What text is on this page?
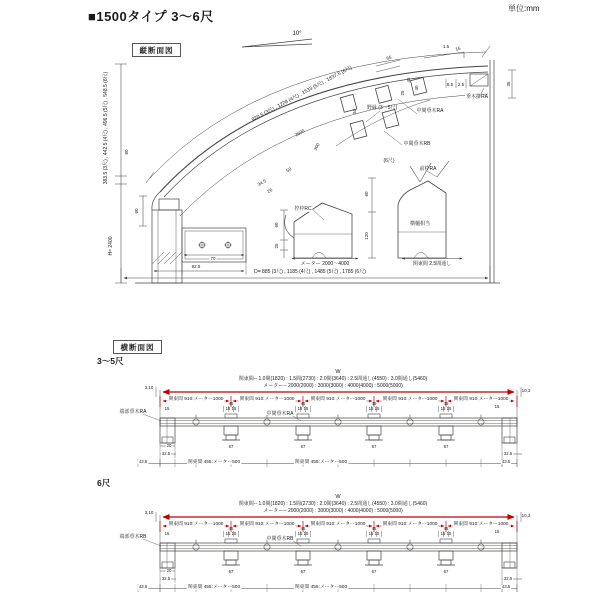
■1500タイプ 3〜6尺
単位:mm
縦断面図
横断面図
3〜5尺
6尺
10°
1.5
383.5 (3尺) , 442.5 (4尺) , 496.5 (5尺) , 548.5 (6尺) 80
H= 2400
920.5 (3尺) , 1228 (4尺) , 1533 (5尺) , 1837.5 (6尺)
2600
300
65
45
40
25
34
50
34.5
26
野縁 (3〜5尺)
中間垂木RA
中間垂木RB
(6尺)
前枠RA
控枠RC
横樋相当
垂木掛RA
8.5 2.5	35
15
60
70
92.5
60
25
60
120
メーター 2000〜4000	関東間 2.5間通し
D= 885 (3尺) , 1185 (4尺) , 1485 (5尺) , 1785 (6尺)
W
関東間-- 1.0間(1820) : 1.5間(2730) : 2.0間(3640) : 2.5間通し(4550) : 3.0間通し(5460)
メーター-- 2000(2000) : 3000(3000) : 4000(4000) : 5000(5000)
3,10
10,3
関東間 910:メーター1000 関東間 910:メーター1000 関東間 910:メーター1000 関東間 910:メーター1000 関東間 910:メーター1000
45	45	45	45
15 15	15 15	15 15	15 15
15	15
端部垂木RA	中間垂木RA
20
32.5
43.5
67	67	67	67
関東間 455:メーター500	関東間 455:メーター500
32.5
43.5
W
関東間-- 1.0間(1820) : 1.5間(2730) : 2.0間(3640) : 2.5間通し(4550) : 3.0間通し(5460)
メーター-- 2000(2000) : 3000(3000) : 4000(4000) : 5000(5000)
3,10
10,3
関東間 910:メーター1000 関東間 910:メーター1000 関東間 910:メーター1000 関東間 910:メーター1000 関東間 910:メーター1000
45	45	45	45
15 15	15 15	15 15	15 15
15	15
端部垂木RB	中間垂木RB
20
32.5
43.5
67	67	67	67
関東間 455:メーター500	関東間 455:メーター500
32.5
43.5
